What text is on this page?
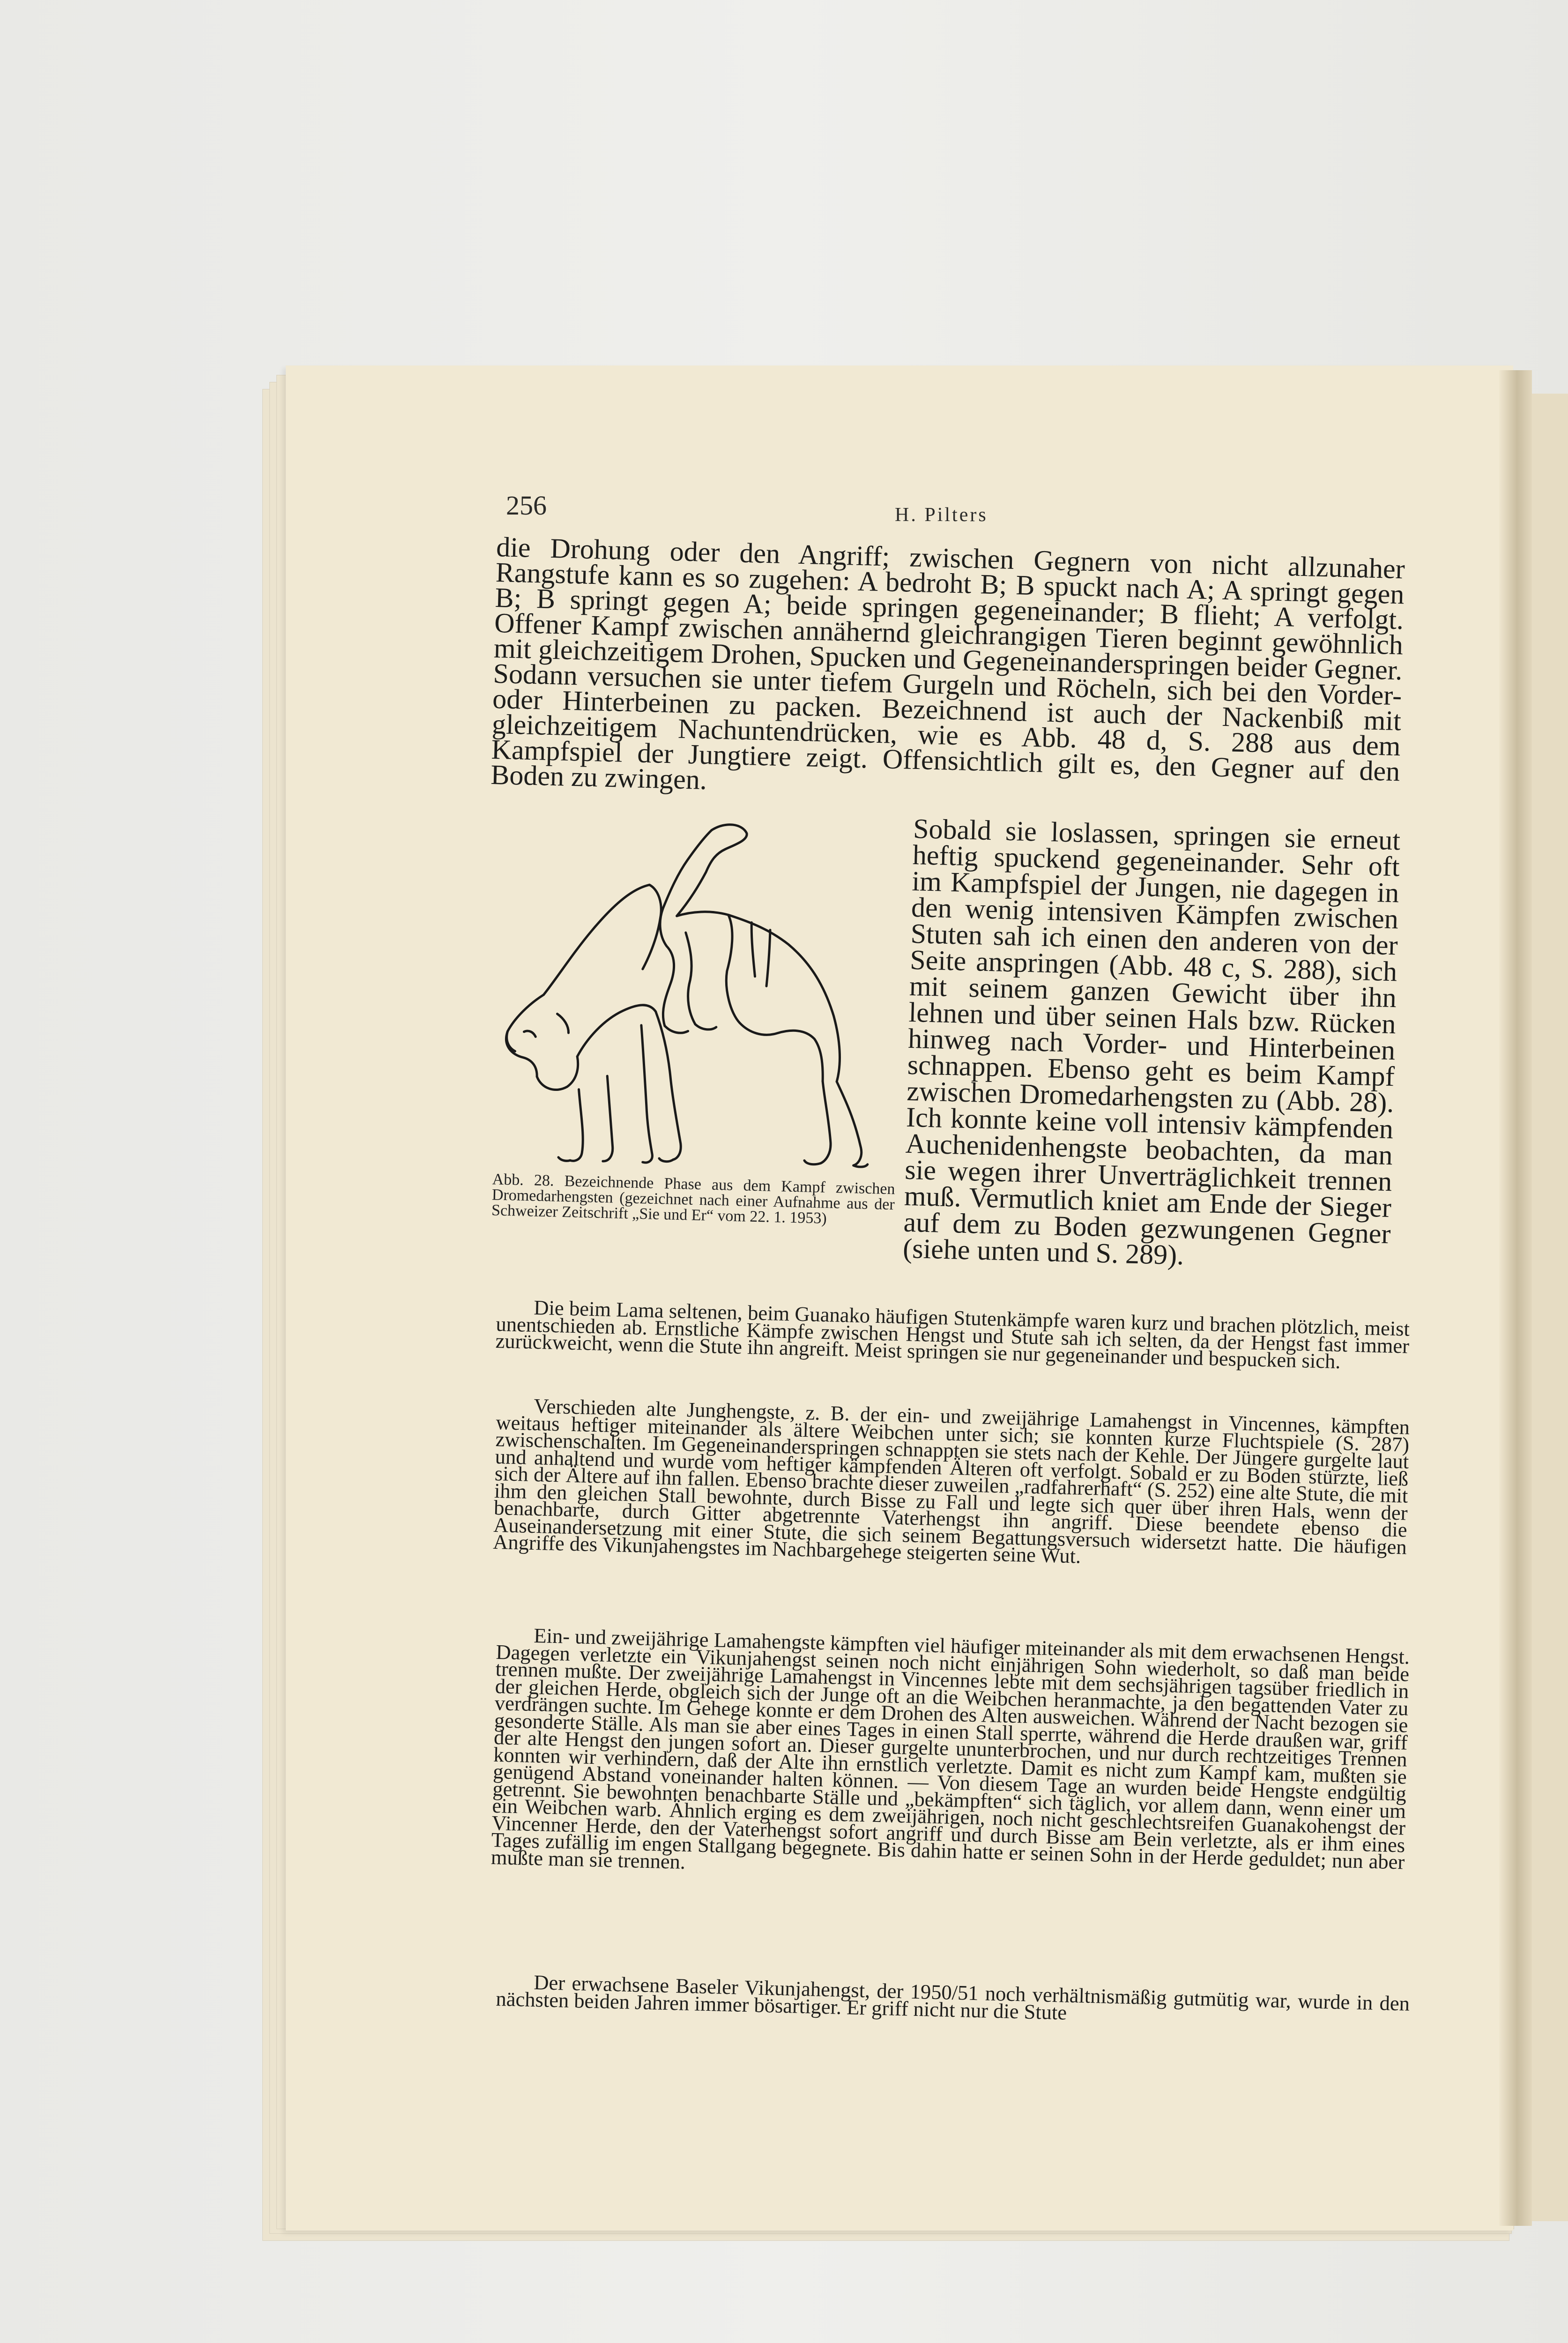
256	H. Pilters
die Drohung oder den Angriff; zwischen Gegnern von nicht allzunaher Rangstufe kann es so zugehen: A bedroht B; B spuckt nach A; A springt gegen B; B springt gegen A; beide springen gegeneinander; B flieht; A verfolgt. Offener Kampf zwischen annähernd gleichrangigen Tieren beginnt gewöhnlich mit gleichzeitigem Drohen, Spucken und Gegeneinanderspringen beider Gegner. Sodann versuchen sie unter tiefem Gurgeln und Röcheln, sich bei den Vorder- oder Hinterbeinen zu packen. Bezeichnend ist auch der Nackenbiß mit gleichzeitigem Nachuntendrücken, wie es Abb. 48 d, S. 288 aus dem Kampfspiel der Jungtiere zeigt. Offensichtlich gilt es, den Gegner auf den Boden zu zwingen.
Abb. 28. Bezeichnende Phase aus dem Kampf zwischen Dromedarhengsten (gezeichnet nach einer Aufnahme aus der Schweizer Zeitschrift „Sie und Er“ vom 22. 1. 1953)
Sobald sie loslassen, springen sie erneut heftig spuckend gegeneinander. Sehr oft im Kampfspiel der Jungen, nie dagegen in den wenig intensiven Kämpfen zwischen Stuten sah ich einen den anderen von der Seite anspringen (Abb. 48 c, S. 288), sich mit seinem ganzen Gewicht über ihn lehnen und über seinen Hals bzw. Rücken hinweg nach Vorder- und Hinterbeinen schnappen. Ebenso geht es beim Kampf zwischen Dromedarhengsten zu (Abb. 28). Ich konnte keine voll intensiv kämpfenden Auchenidenhengste beobachten, da man sie wegen ihrer Unverträglichkeit trennen muß. Vermutlich kniet am Ende der Sieger auf dem zu Boden gezwungenen Gegner (siehe unten und S. 289).

Die beim Lama seltenen, beim Guanako häufigen Stutenkämpfe waren kurz und brachen plötzlich, meist unentschieden ab. Ernstliche Kämpfe zwischen Hengst und Stute sah ich selten, da der Hengst fast immer zurückweicht, wenn die Stute ihn angreift. Meist springen sie nur gegeneinander und bespucken sich.

Verschieden alte Junghengste, z. B. der ein- und zweijährige Lamahengst in Vincennes, kämpften weitaus heftiger miteinander als ältere Weibchen unter sich; sie konnten kurze Fluchtspiele (S. 287) zwischenschalten. Im Gegeneinanderspringen schnappten sie stets nach der Kehle. Der Jüngere gurgelte laut und anhaltend und wurde vom heftiger kämpfenden Älteren oft verfolgt. Sobald er zu Boden stürzte, ließ sich der Ältere auf ihn fallen. Ebenso brachte dieser zuweilen „radfahrerhaft“ (S. 252) eine alte Stute, die mit ihm den gleichen Stall bewohnte, durch Bisse zu Fall und legte sich quer über ihren Hals, wenn der benachbarte, durch Gitter abgetrennte Vaterhengst ihn angriff. Diese beendete ebenso die Auseinandersetzung mit einer Stute, die sich seinem Begattungsversuch widersetzt hatte. Die häufigen Angriffe des Vikunjahengstes im Nachbargehege steigerten seine Wut.

Ein- und zweijährige Lamahengste kämpften viel häufiger miteinander als mit dem erwachsenen Hengst. Dagegen verletzte ein Vikunjahengst seinen noch nicht einjährigen Sohn wiederholt, so daß man beide trennen mußte. Der zweijährige Lamahengst in Vincennes lebte mit dem sechsjährigen tagsüber friedlich in der gleichen Herde, obgleich sich der Junge oft an die Weibchen heranmachte, ja den begattenden Vater zu verdrängen suchte. Im Gehege konnte er dem Drohen des Alten ausweichen. Während der Nacht bezogen sie gesonderte Ställe. Als man sie aber eines Tages in einen Stall sperrte, während die Herde draußen war, griff der alte Hengst den jungen sofort an. Dieser gurgelte ununterbrochen, und nur durch rechtzeitiges Trennen konnten wir verhindern, daß der Alte ihn ernstlich verletzte. Damit es nicht zum Kampf kam, mußten sie genügend Abstand voneinander halten können. — Von diesem Tage an wurden beide Hengste endgültig getrennt. Sie bewohnten benachbarte Ställe und „bekämpften“ sich täglich, vor allem dann, wenn einer um ein Weibchen warb. Ähnlich erging es dem zweijährigen, noch nicht geschlechtsreifen Guanakohengst der Vincenner Herde, den der Vaterhengst sofort angriff und durch Bisse am Bein verletzte, als er ihm eines Tages zufällig im engen Stallgang begegnete. Bis dahin hatte er seinen Sohn in der Herde geduldet; nun aber mußte man sie trennen.

Der erwachsene Baseler Vikunjahengst, der 1950/51 noch verhältnismäßig gutmütig war, wurde in den nächsten beiden Jahren immer bösartiger. Er griff nicht nur die Stute
